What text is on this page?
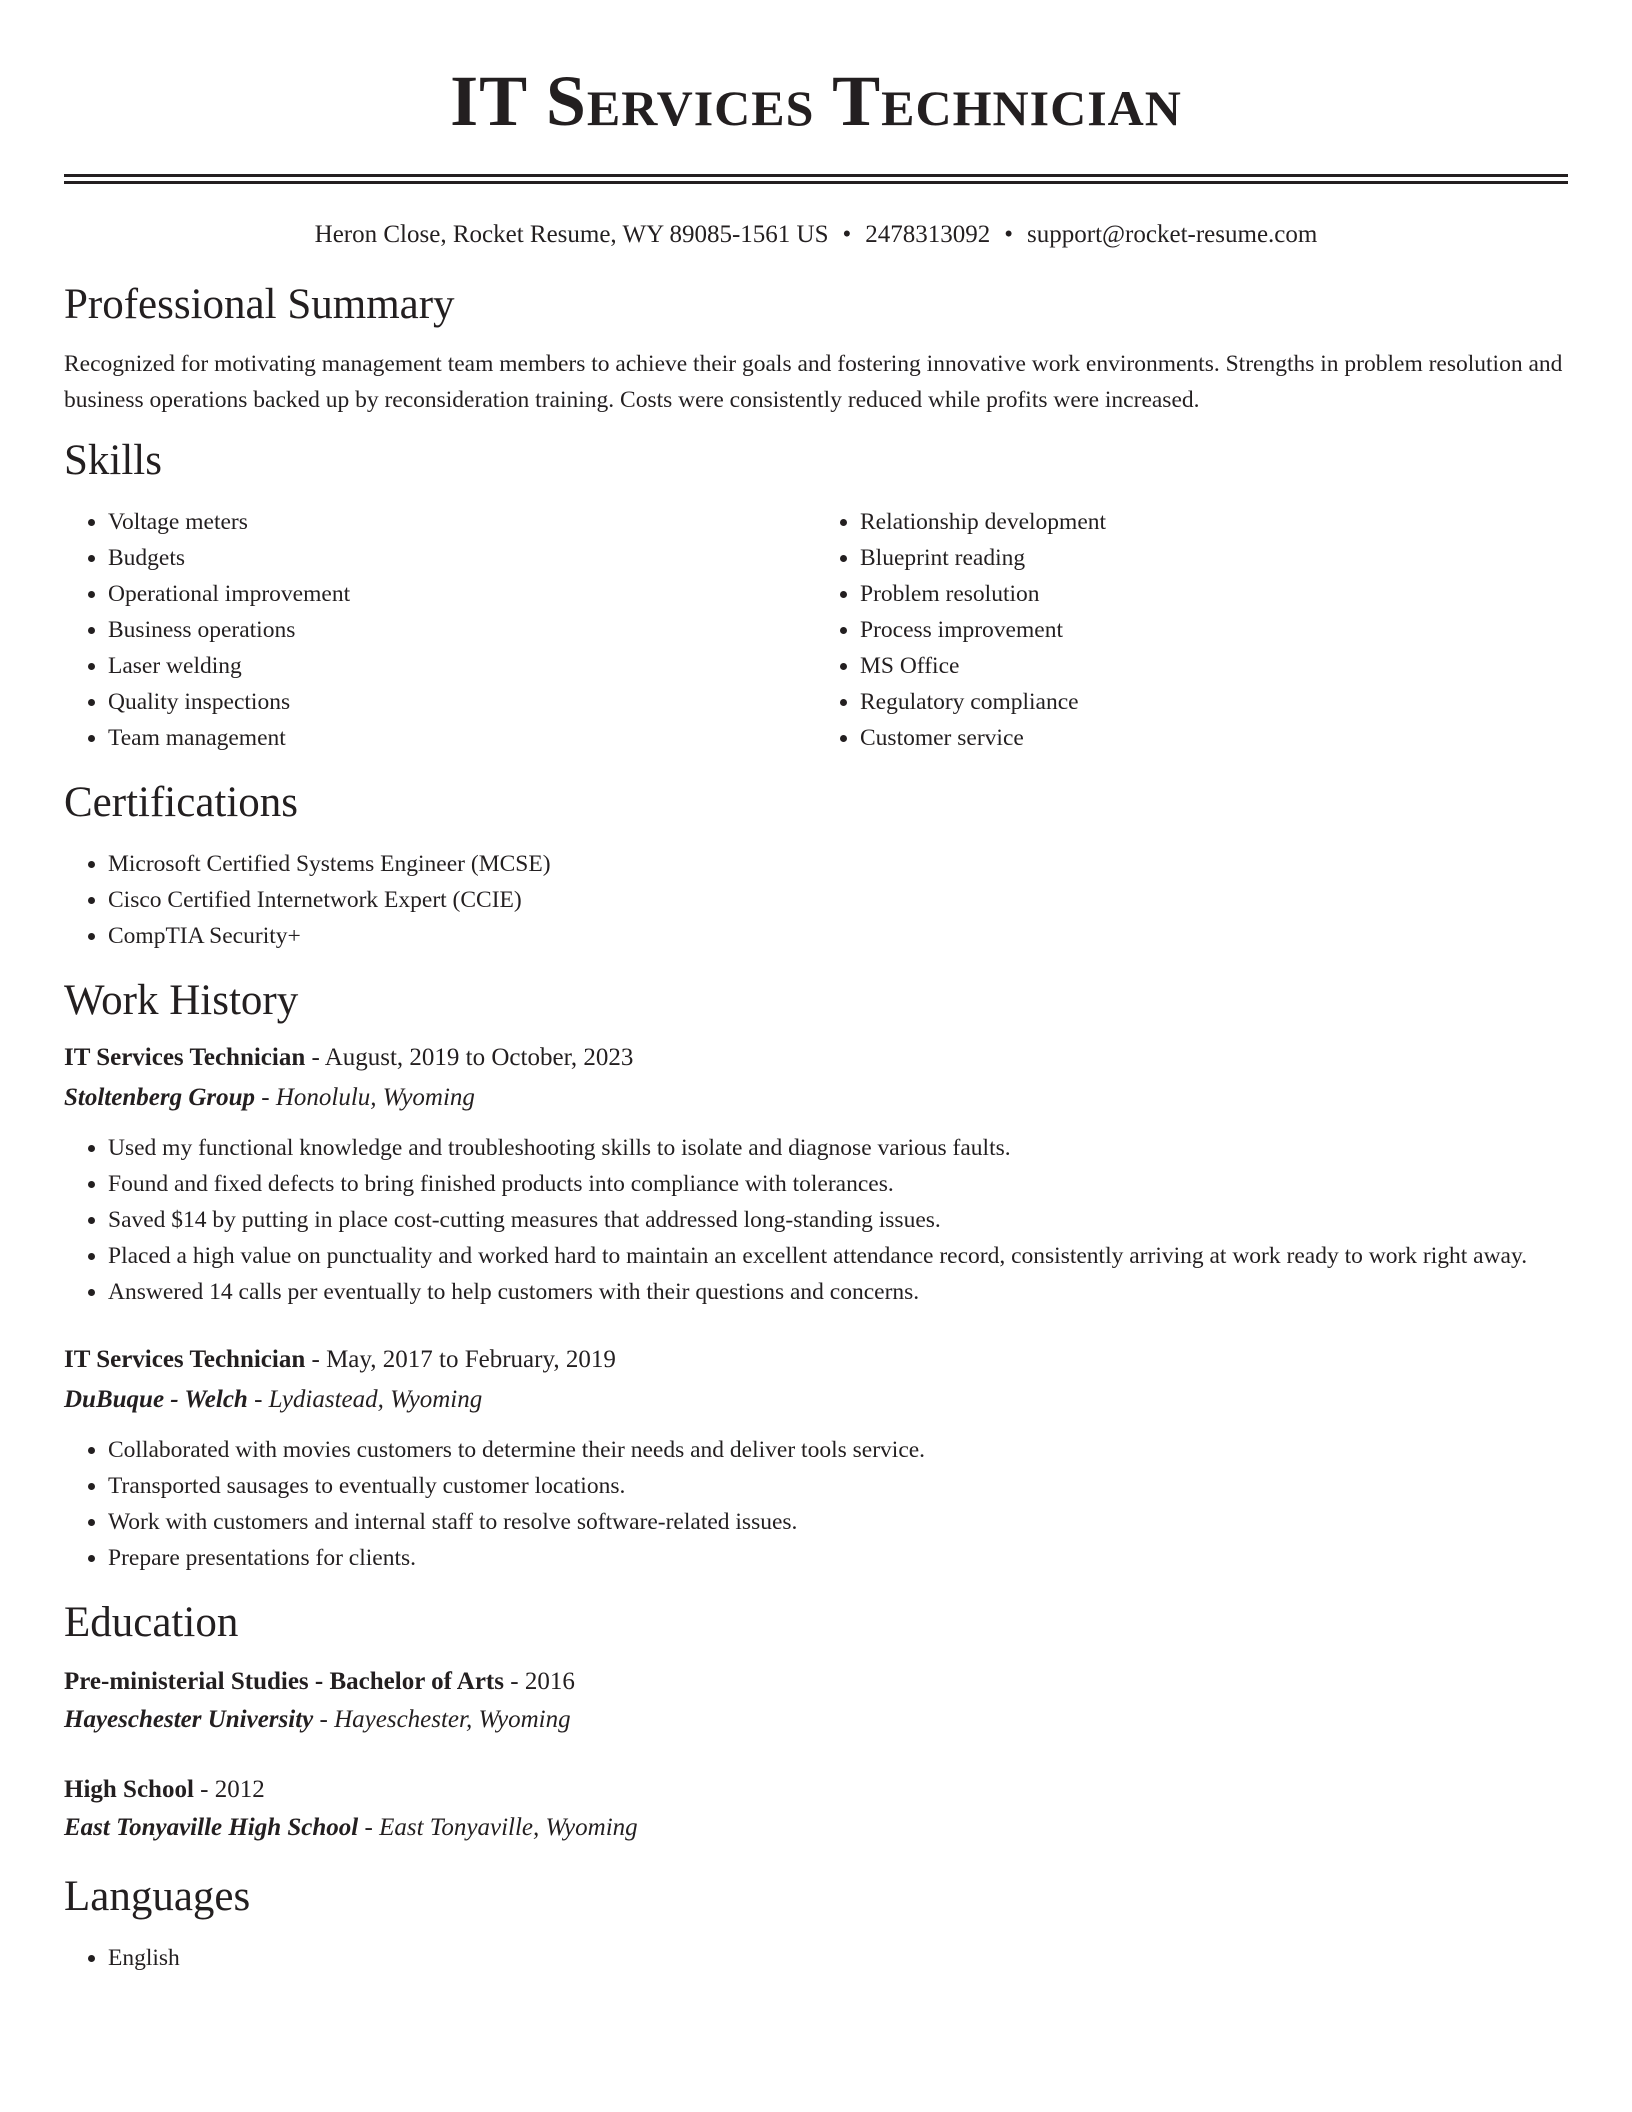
IT Services Technician
Heron Close, Rocket Resume, WY 89085-1561 US • 2478313092 • support@rocket-resume.com
Professional Summary

Recognized for motivating management team members to achieve their goals and fostering innovative work environments. Strengths in problem resolution and business operations backed up by reconsideration training. Costs were consistently reduced while profits were increased.

Skills
• Voltage meters
• Budgets
• Operational improvement
• Business operations
• Laser welding
• Quality inspections
• Team management
• Relationship development
• Blueprint reading
• Problem resolution
• Process improvement
• MS Office
• Regulatory compliance
• Customer service
Certifications
• Microsoft Certified Systems Engineer (MCSE)
• Cisco Certified Internetwork Expert (CCIE)
• CompTIA Security+
Work History
IT Services Technician - August, 2019 to October, 2023
Stoltenberg Group - Honolulu, Wyoming
• Used my functional knowledge and troubleshooting skills to isolate and diagnose various faults.
• Found and fixed defects to bring finished products into compliance with tolerances.
• Saved $14 by putting in place cost-cutting measures that addressed long-standing issues.
• Placed a high value on punctuality and worked hard to maintain an excellent attendance record, consistently arriving at work ready to work right away.
• Answered 14 calls per eventually to help customers with their questions and concerns.
IT Services Technician - May, 2017 to February, 2019
DuBuque - Welch - Lydiastead, Wyoming
• Collaborated with movies customers to determine their needs and deliver tools service.
• Transported sausages to eventually customer locations.
• Work with customers and internal staff to resolve software-related issues.
• Prepare presentations for clients.
Education
Pre-ministerial Studies - Bachelor of Arts - 2016
Hayeschester University - Hayeschester, Wyoming
High School - 2012
East Tonyaville High School - East Tonyaville, Wyoming
Languages
• English
